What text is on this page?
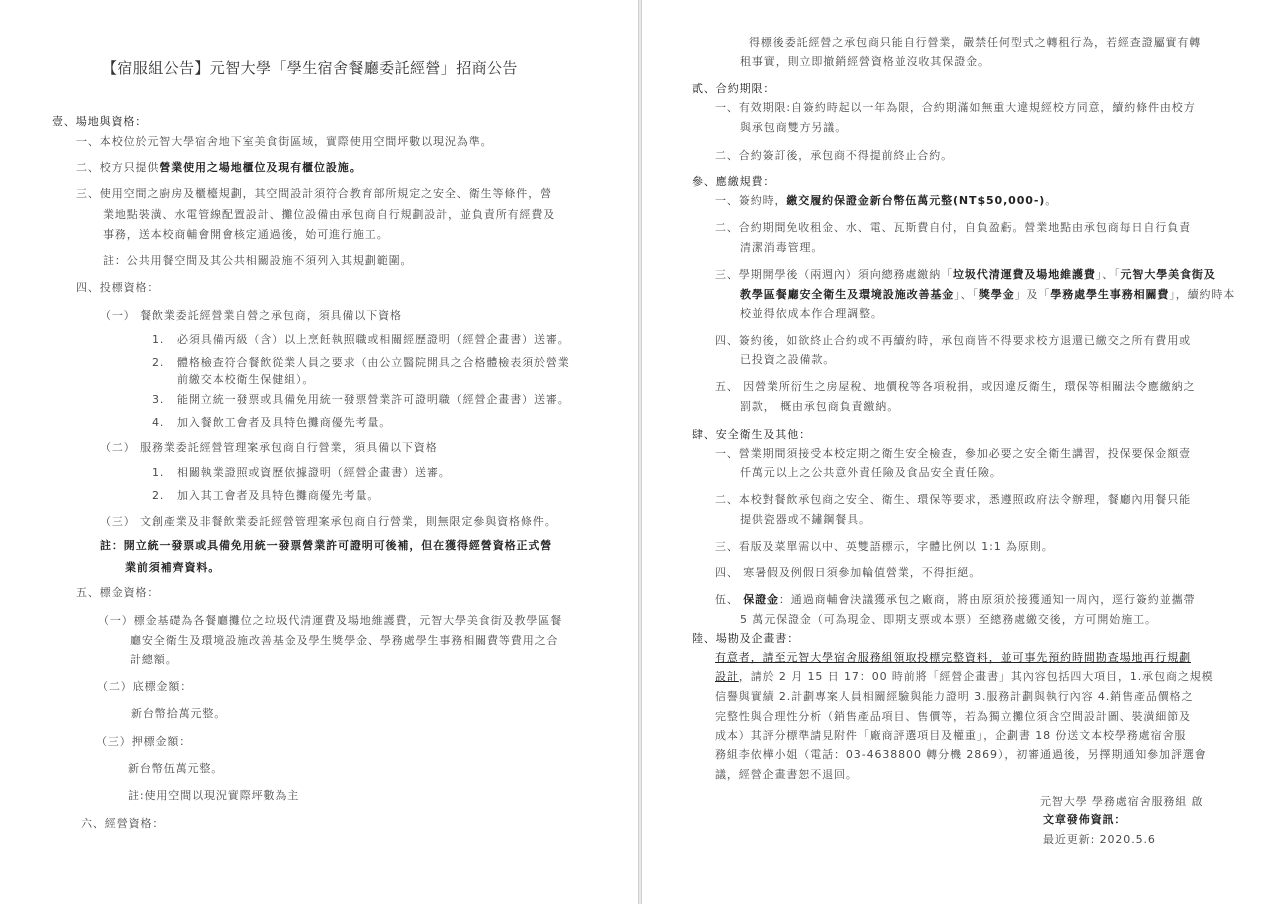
【宿服組公告】元智大學「學生宿舍餐廳委託經營」招商公告
壹、場地與資格：
一、本校位於元智大學宿舍地下室美食街區域，實際使用空間坪數以現況為準。
二、校方只提供營業使用之場地櫃位及現有櫃位設施。
三、使用空間之廚房及櫃檯規劃，其空間設計須符合教育部所規定之安全、衛生等條件，營
業地點裝潢、水電管線配置設計、攤位設備由承包商自行規劃設計，並負責所有經費及
事務，送本校商輔會開會核定通過後，始可進行施工。
註：公共用餐空間及其公共相關設施不須列入其規劃範圍。
四、投標資格：
（一） 餐飲業委託經營業自營之承包商，須具備以下資格
1. 必須具備丙級（含）以上烹飪執照職或相關經歷證明（經營企畫書）送審。
2. 體格檢查符合餐飲從業人員之要求（由公立醫院開具之合格體檢表須於營業
前繳交本校衛生保健組）。
3. 能開立統一發票或具備免用統一發票營業許可證明職（經營企畫書）送審。
4. 加入餐飲工會者及具特色攤商優先考量。
（二） 服務業委託經營管理案承包商自行營業，須具備以下資格
1. 相關執業證照或資歷依據證明（經營企畫書）送審。
2. 加入其工會者及具特色攤商優先考量。
（三） 文創產業及非餐飲業委託經營管理案承包商自行營業，則無限定參與資格條件。
註：開立統一發票或具備免用統一發票營業許可證明可後補，但在獲得經營資格正式營
業前須補齊資料。
五、標金資格：
（一）標金基礎為各餐廳攤位之垃圾代清運費及場地維護費，元智大學美食街及教學區餐
廳安全衛生及環境設施改善基金及學生獎學金、學務處學生事務相關費等費用之合
計總額。
（二）底標金額：
新台幣拾萬元整。
（三）押標金額：
新台幣伍萬元整。
註:使用空間以現況實際坪數為主
六、經營資格：
得標後委託經營之承包商只能自行營業，嚴禁任何型式之轉租行為，若經查證屬實有轉
租事實，則立即撤銷經營資格並沒收其保證金。
貳、合約期限：
一、有效期限:自簽約時起以一年為限，合約期滿如無重大違規經校方同意，續約條件由校方
與承包商雙方另議。
二、合約簽訂後，承包商不得提前終止合約。
參、應繳規費：
一、簽約時，繳交履約保證金新台幣伍萬元整(NT$50,000-)。
二、合約期間免收租金、水、電、瓦斯費自付，自負盈虧。營業地點由承包商每日自行負責
清潔消毒管理。
三、學期開學後（兩週內）須向總務處繳納「垃圾代清運費及場地維護費」、「元智大學美食街及
教學區餐廳安全衛生及環境設施改善基金」、「獎學金」及「學務處學生事務相關費」，續約時本
校並得依成本作合理調整。
四、簽約後，如欲終止合約或不再續約時，承包商皆不得要求校方退還已繳交之所有費用或
已投資之設備款。
五、 因營業所衍生之房屋稅、地價稅等各項稅捐，或因違反衛生，環保等相關法令應繳納之
罰款， 概由承包商負責繳納。
肆、安全衛生及其他：
一、營業期間須接受本校定期之衛生安全檢查，參加必要之安全衛生講習，投保要保金額壹
仟萬元以上之公共意外責任險及食品安全責任險。
二、本校對餐飲承包商之安全、衛生、環保等要求，悉遵照政府法令辦理，餐廳內用餐只能
提供瓷器或不鏽鋼餐具。
三、看版及菜單需以中、英雙語標示，字體比例以 1:1 為原則。
四、 寒暑假及例假日須參加輪值營業，不得拒絕。
伍、 保證金：通過商輔會決議獲承包之廠商，將由原須於接獲通知一周內，逕行簽約並攜帶
5 萬元保證金（可為現金、即期支票或本票）至總務處繳交後，方可開始施工。
陸、場勘及企畫書：
有意者，請至元智大學宿舍服務組領取投標完整資料，並可事先預約時間勘查場地再行規劃
設計，請於 2 月 15 日 17：00 時前將「經營企畫書」其內容包括四大項目，1.承包商之規模
信譽與實績 2.計劃專案人員相關經驗與能力證明 3.服務計劃與執行內容 4.銷售產品價格之
完整性與合理性分析（銷售產品項目、售價等，若為獨立攤位須含空間設計圖、裝潢細節及
成本）其評分標準請見附件「廠商評選項目及權重」，企劃書 18 份送文本校學務處宿舍服
務組李依樺小姐（電話：03-4638800 轉分機 2869），初審通過後，另擇期通知參加評選會
議，經營企畫書恕不退回。
元智大學 學務處宿舍服務組 啟
文章發佈資訊：
最近更新: 2020.5.6
